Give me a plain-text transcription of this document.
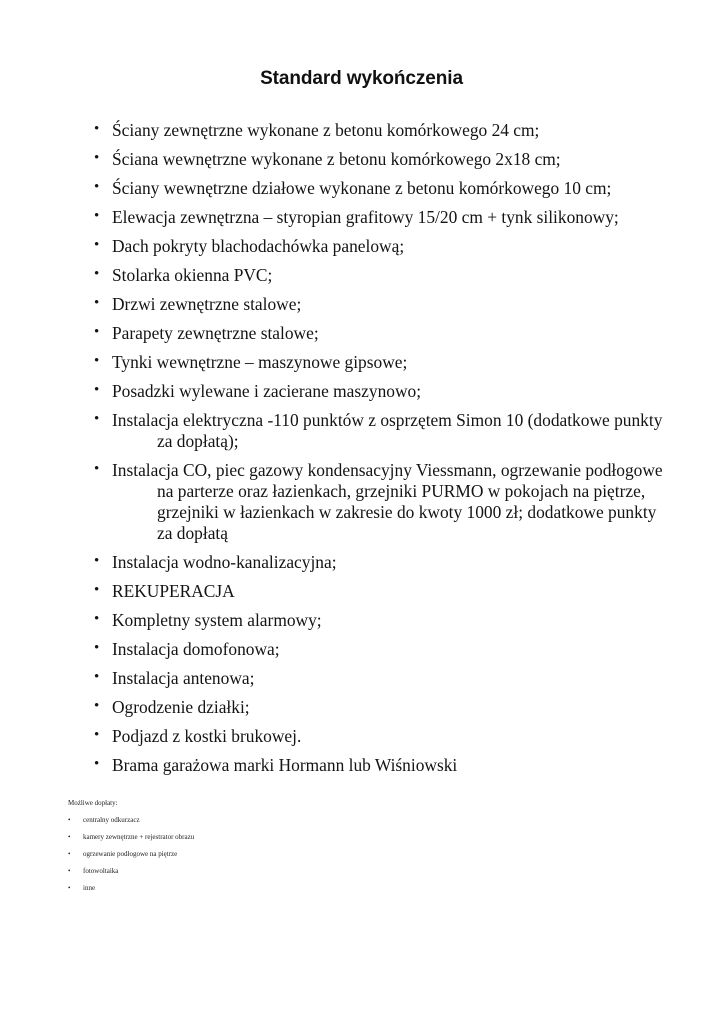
Standard wykończenia
• Ściany zewnętrzne wykonane z betonu komórkowego 24 cm;
• Ściana wewnętrzne wykonane z betonu komórkowego 2x18 cm;
• Ściany wewnętrzne działowe wykonane z betonu komórkowego 10 cm;
• Elewacja zewnętrzna – styropian grafitowy 15/20 cm + tynk silikonowy;
• Dach pokryty blachodachówka panelową;
• Stolarka okienna PVC;
• Drzwi zewnętrzne stalowe;
• Parapety zewnętrzne stalowe;
• Tynki wewnętrzne – maszynowe gipsowe;
• Posadzki wylewane i zacierane maszynowo;
• Instalacja elektryczna -110 punktów z osprzętem Simon 10 (dodatkowe punkty
za dopłatą);
• Instalacja CO, piec gazowy kondensacyjny Viessmann, ogrzewanie podłogowe
na parterze oraz łazienkach, grzejniki PURMO w pokojach na piętrze,
grzejniki w łazienkach w zakresie do kwoty 1000 zł; dodatkowe punkty
za dopłatą
• Instalacja wodno-kanalizacyjna;
• REKUPERACJA
• Kompletny system alarmowy;
• Instalacja domofonowa;
• Instalacja antenowa;
• Ogrodzenie działki;
• Podjazd z kostki brukowej.
• Brama garażowa marki Hormann lub Wiśniowski

Możliwe dopłaty:

• centralny odkurzacz
• kamery zewnętrzne + rejestrator obrazu
• ogrzewanie podłogowe na piętrze
• fotowoltaika
• inne
